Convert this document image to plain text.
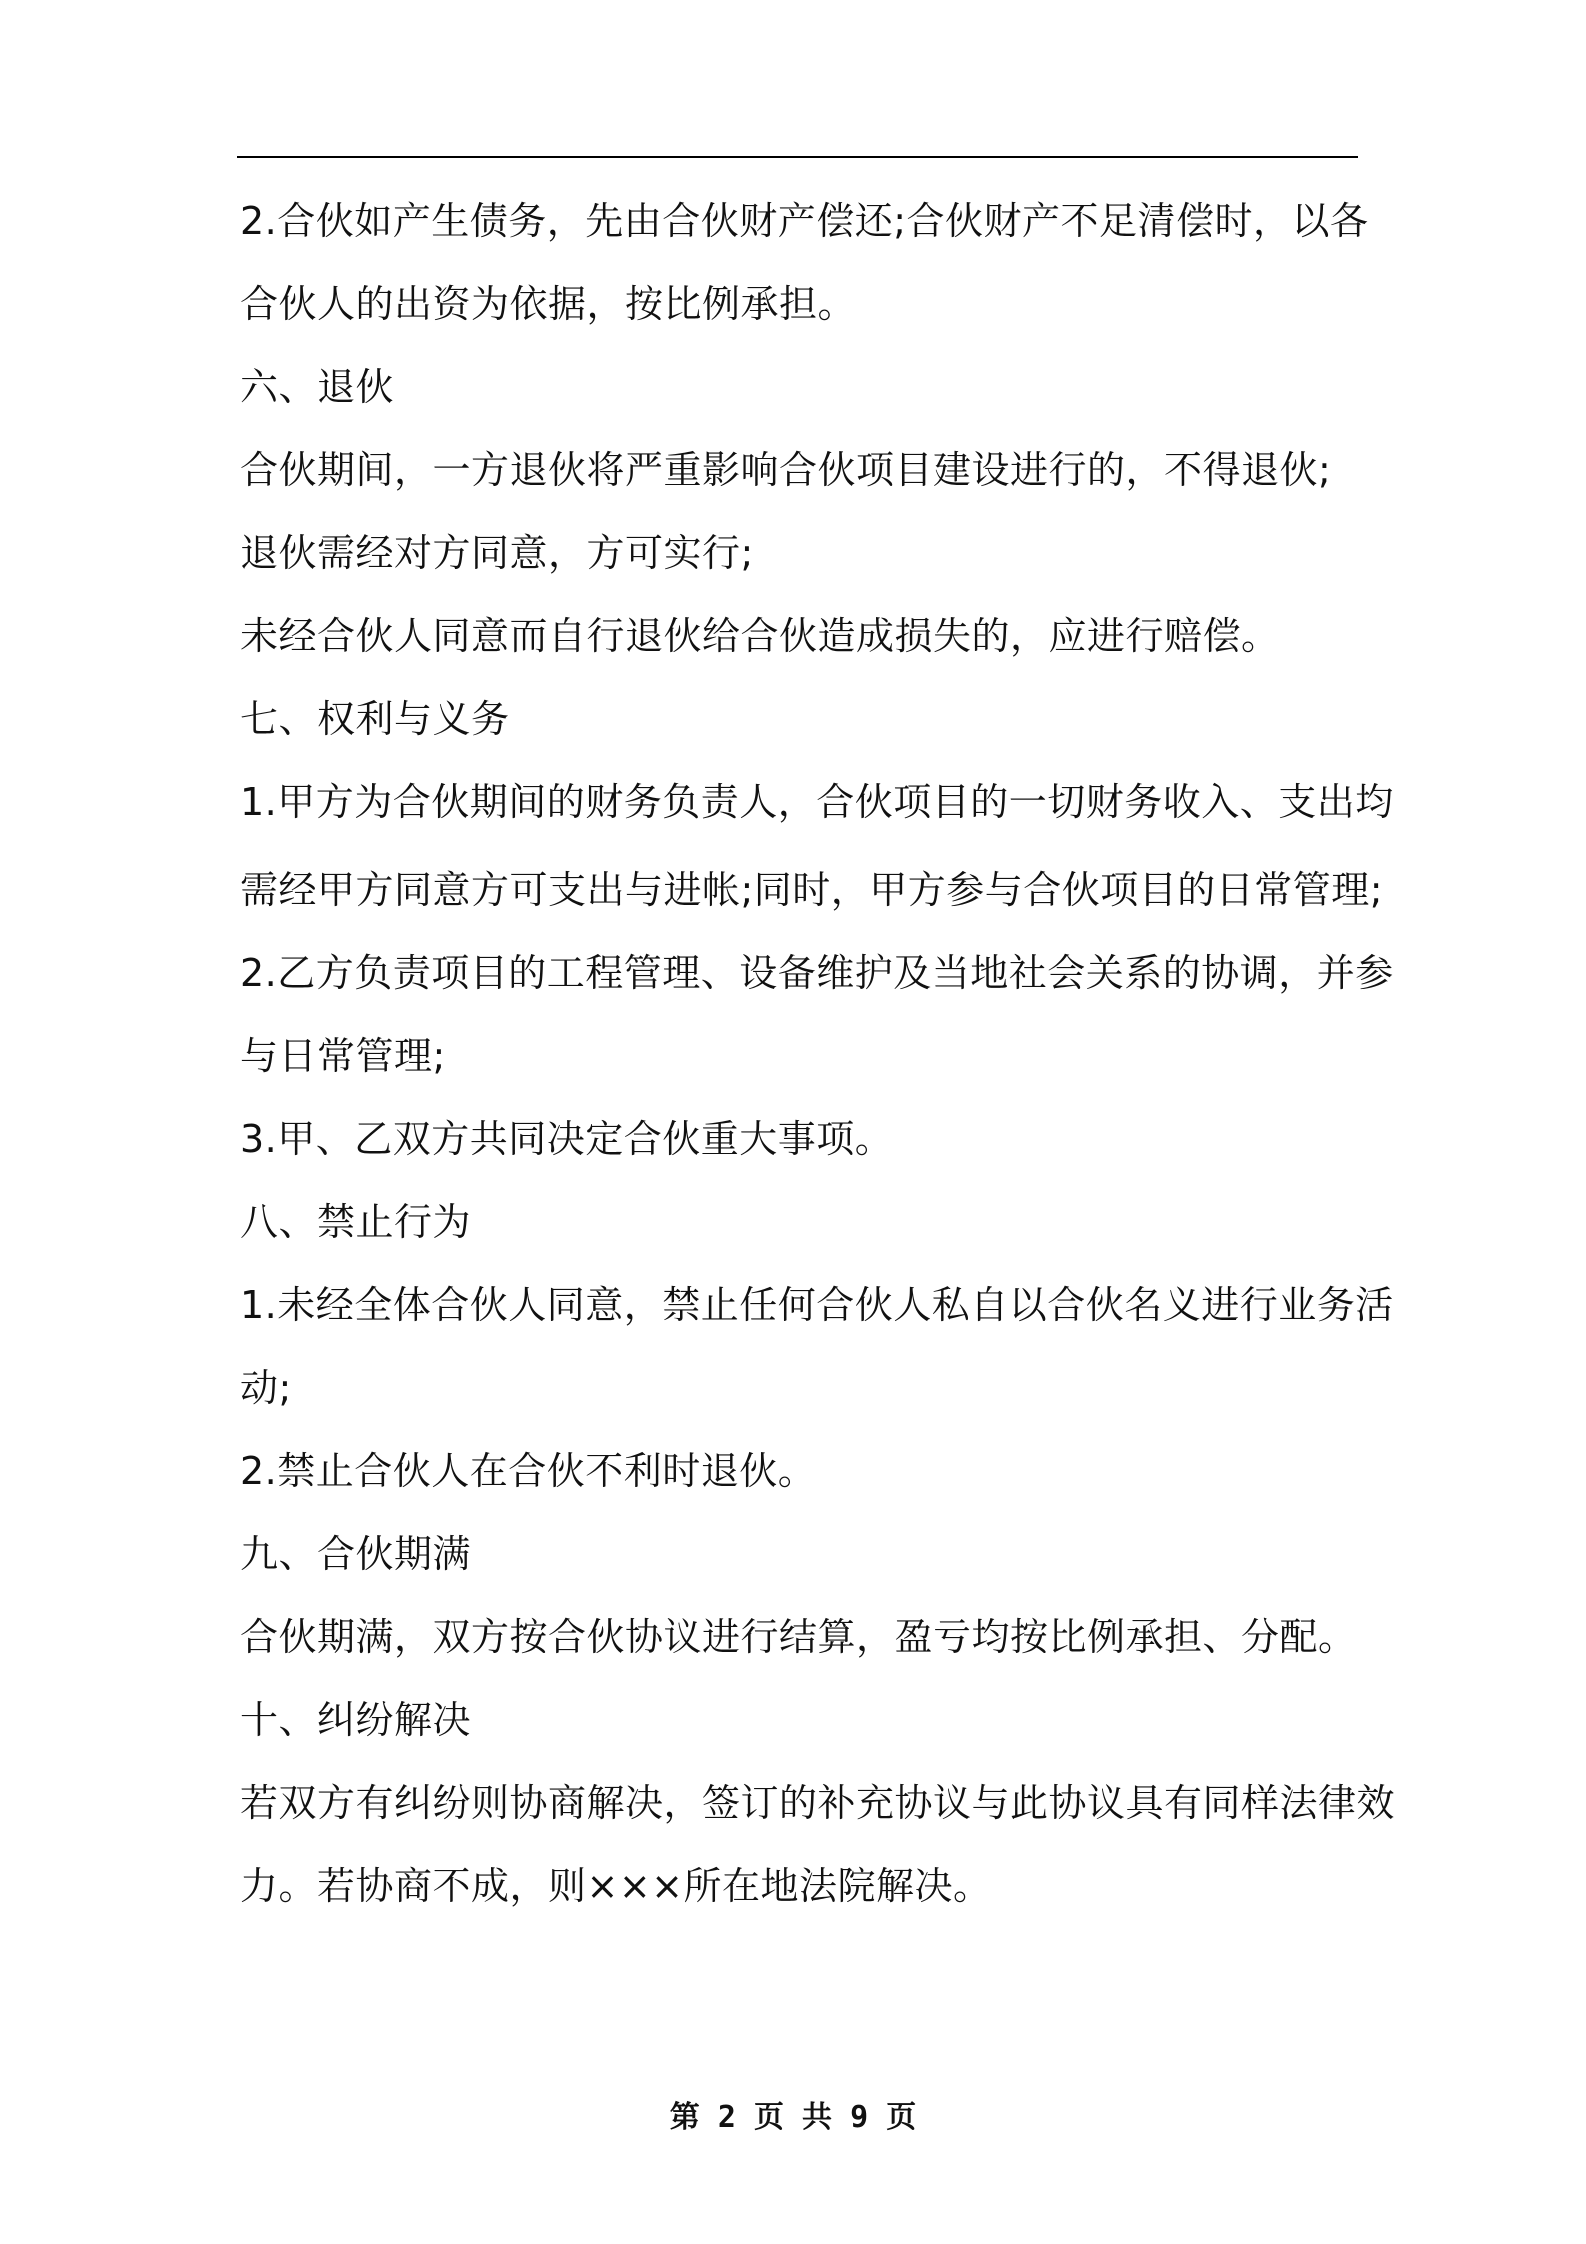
2.合伙如产生债务，先由合伙财产偿还;合伙财产不足清偿时，以各
合伙人的出资为依据，按比例承担。
六、退伙
合伙期间，一方退伙将严重影响合伙项目建设进行的，不得退伙;
退伙需经对方同意，方可实行;
未经合伙人同意而自行退伙给合伙造成损失的，应进行赔偿。
七、权利与义务
1.甲方为合伙期间的财务负责人，合伙项目的一切财务收入、支出均
需经甲方同意方可支出与进帐;同时，甲方参与合伙项目的日常管理;
2.乙方负责项目的工程管理、设备维护及当地社会关系的协调，并参
与日常管理;
3.甲、乙双方共同决定合伙重大事项。
八、禁止行为
1.未经全体合伙人同意，禁止任何合伙人私自以合伙名义进行业务活
动;
2.禁止合伙人在合伙不利时退伙。
九、合伙期满
合伙期满，双方按合伙协议进行结算，盈亏均按比例承担、分配。
十、纠纷解决
若双方有纠纷则协商解决，签订的补充协议与此协议具有同样法律效
力。若协商不成，则×××所在地法院解决。
第 2 页 共 9 页
